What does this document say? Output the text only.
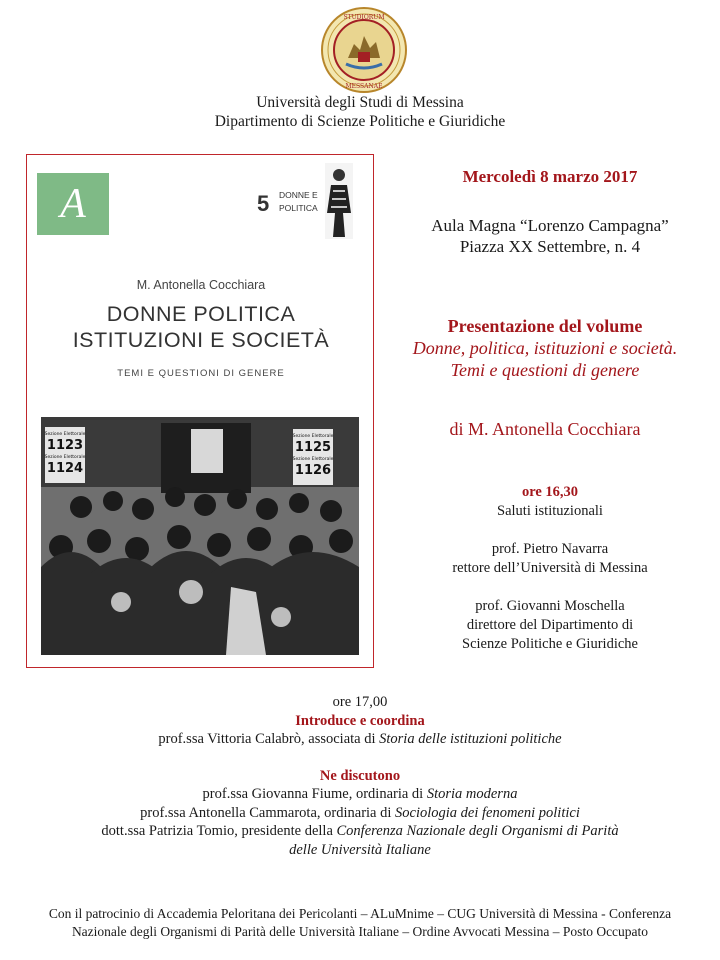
STUDIORUM
MESSANAE
Università degli Studi di Messina
Dipartimento di Scienze Politiche e Giuridiche
A	5 DONNE E
POLITICA
M. Antonella Cocchiara
DONNE POLITICA
ISTITUZIONI E SOCIETÀ
TEMI E QUESTIONI DI GENERE
Sezione Elettorale
1123
Sezione Elettorale
1124
Sezione Elettorale
1125
Sezione Elettorale
1126
Mercoledì 8 marzo 2017
Aula Magna “Lorenzo Campagna”
Piazza XX Settembre, n. 4
Presentazione del volume
Donne, politica, istituzioni e società.
Temi e questioni di genere
di M. Antonella Cocchiara
ore 16,30
Saluti istituzionali
prof. Pietro Navarra
rettore dell’Università di Messina
prof. Giovanni Moschella
direttore del Dipartimento di
Scienze Politiche e Giuridiche
ore 17,00
Introduce e coordina
prof.ssa Vittoria Calabrò, associata di Storia delle istituzioni politiche
Ne discutono
prof.ssa Giovanna Fiume, ordinaria di Storia moderna
prof.ssa Antonella Cammarota, ordinaria di Sociologia dei fenomeni politici
dott.ssa Patrizia Tomio, presidente della Conferenza Nazionale degli Organismi di Parità
delle Università Italiane
Con il patrocinio di Accademia Peloritana dei Pericolanti – ALuMnime – CUG Università di Messina - Conferenza
Nazionale degli Organismi di Parità delle Università Italiane – Ordine Avvocati Messina – Posto Occupato
